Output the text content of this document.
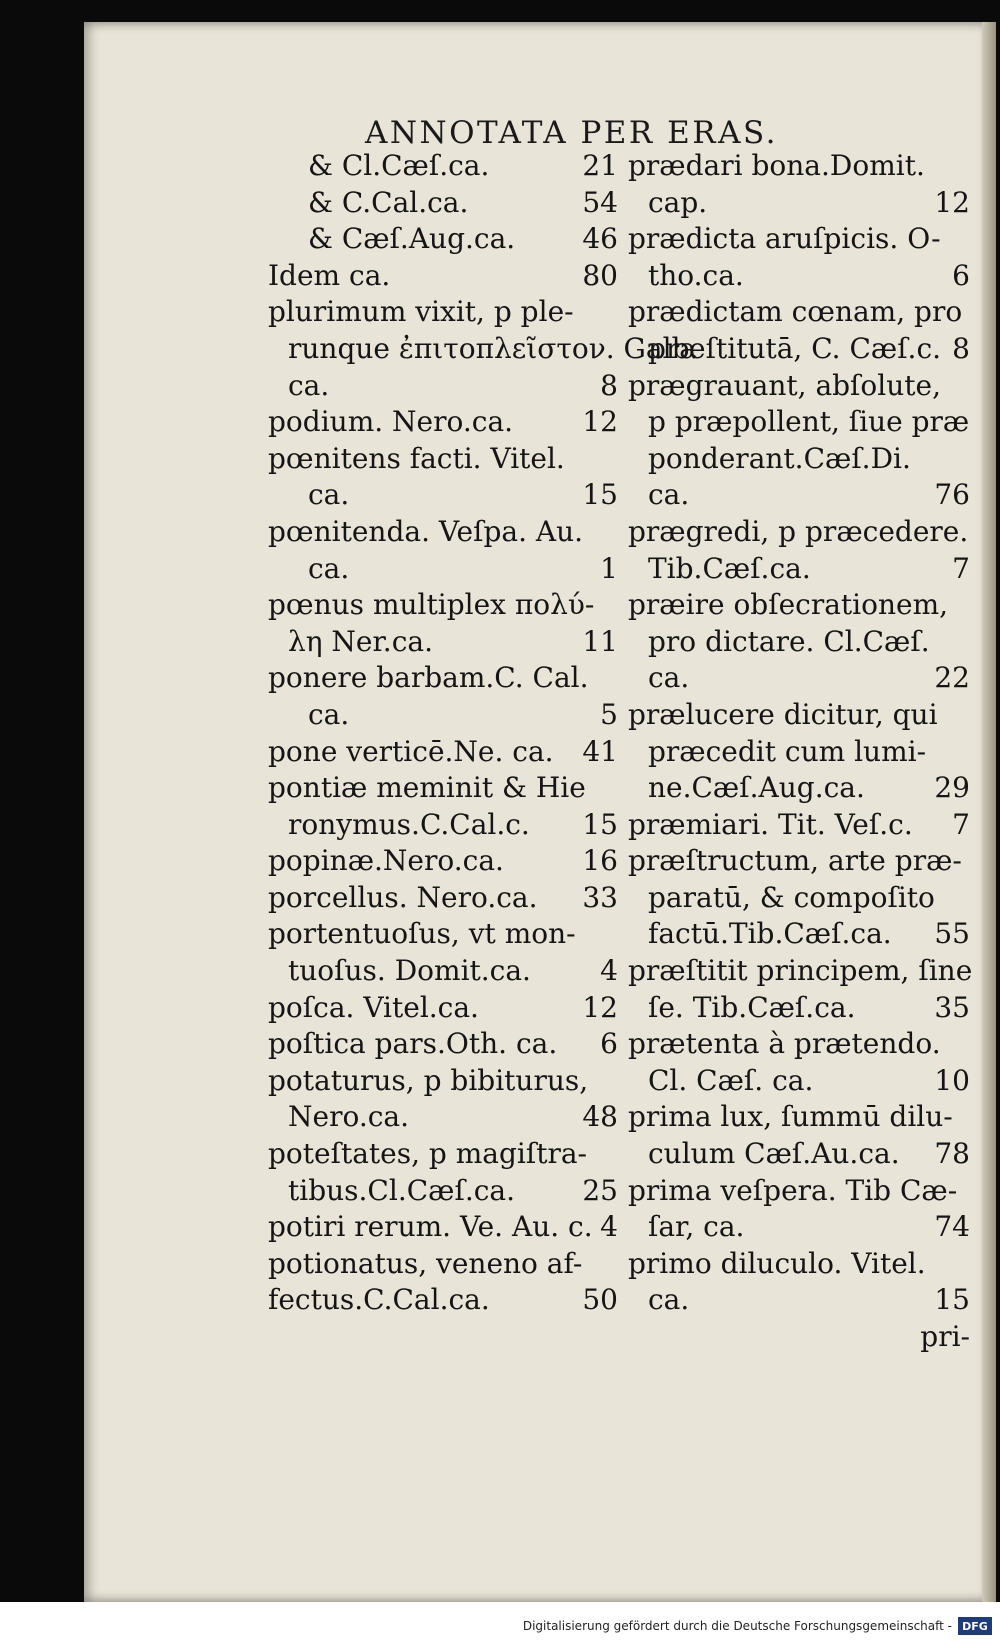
ANNOTATA PER ERAS.
& Cl.Cæſ.ca.	21
& C.Cal.ca.	54
& Cæſ.Aug.ca. 46
Idem ca.	80
plurimum vixit, p ple-
runque ἐπιτοπλεῖστον. Galb.
ca.	8
podium. Nero.ca. 12
pœnitens facti. Vitel.
ca.	15
pœnitenda. Veſpa. Au.
ca.	1
pœnus multiplex πολύ-
λη Ner.ca.	11
ponere barbam.C. Cal.
ca.	5
pone verticē.Ne. ca. 41
pontiæ meminit & Hie
ronymus.C.Cal.c. 15
popinæ.Nero.ca.	16
porcellus. Nero.ca. 33
portentuoſus, vt mon-
tuoſus. Domit.ca. 4
poſca. Vitel.ca.	12
poſtica pars.Oth. ca. 6
potaturus, p bibiturus,
Nero.ca.	48
poteſtates, p magiſtra-
tibus.Cl.Cæſ.ca. 25
potiri rerum. Ve. Au. c. 4
potionatus, veneno af-
fectus.C.Cal.ca.	50
prædari bona.Domit.
cap.	12
prædicta aruſpicis. O-
tho.ca.	6
prædictam cœnam, pro
præſtitutā, C. Cæſ.c. 8
prægrauant, abſolute,
p præpollent, ſiue præ
ponderant.Cæſ.Di.
ca.	76
prægredi, p præcedere.
Tib.Cæſ.ca.	7
præire obſecrationem,
pro dictare. Cl.Cæſ.
ca.	22
prælucere dicitur, qui
præcedit cum lumi-
ne.Cæſ.Aug.ca. 29
præmiari. Tit. Veſ.c. 7
præſtructum, arte præ-
paratū, & compoſito
factū.Tib.Cæſ.ca. 55
præſtitit principem, ſine
ſe. Tib.Cæſ.ca.	35
prætenta à prætendo.
Cl. Cæſ. ca.	10
prima lux, ſummū dilu-
culum Cæſ.Au.ca. 78
prima veſpera. Tib Cæ-
ſar, ca.	74
primo diluculo. Vitel.
ca.	15
pri-
Digitalisierung gefördert durch die Deutsche Forschungsgemeinschaft - DFG
